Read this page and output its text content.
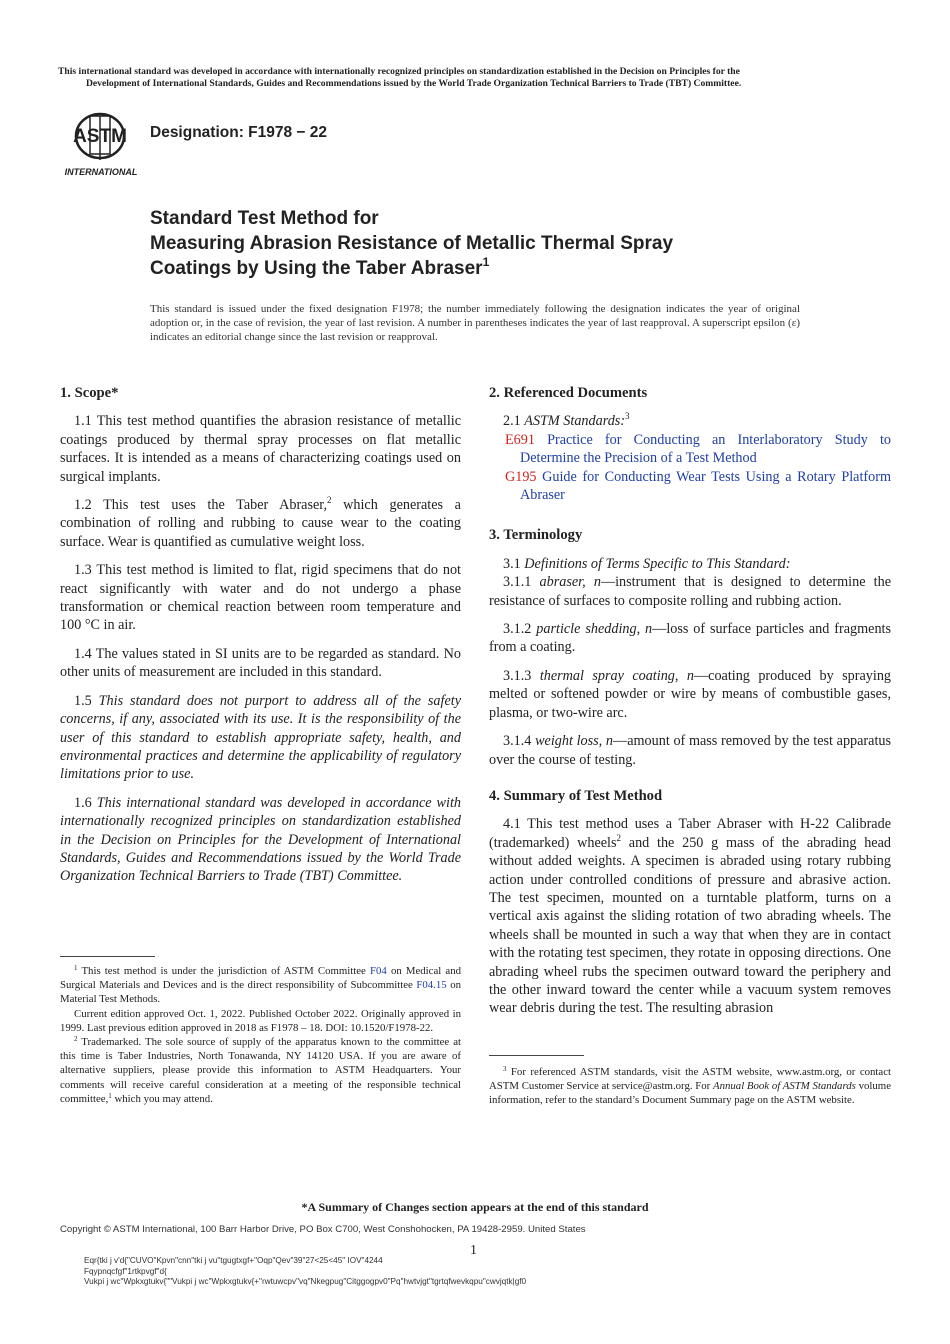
This international standard was developed in accordance with internationally recognized principles on standardization established in the Decision on Principles for the
Development of International Standards, Guides and Recommendations issued by the World Trade Organization Technical Barriers to Trade (TBT) Committee.
ASTM
INTERNATIONAL
Designation: F1978 − 22
Standard Test Method for
Measuring Abrasion Resistance of Metallic Thermal Spray
Coatings by Using the Taber Abraser$^1$
This standard is issued under the fixed designation F1978; the number immediately following the designation indicates the year of original adoption or, in the case of revision, the year of last revision. A number in parentheses indicates the year of last reapproval. A superscript epsilon (ε) indicates an editorial change since the last revision or reapproval.
1. Scope*

1.1 This test method quantifies the abrasion resistance of metallic coatings produced by thermal spray processes on flat metallic surfaces. It is intended as a means of characterizing coatings used on surgical implants.

1.2 This test uses the Taber Abraser,$^2$ which generates a combination of rolling and rubbing to cause wear to the coating surface. Wear is quantified as cumulative weight loss.

1.3 This test method is limited to flat, rigid specimens that do not react significantly with water and do not undergo a phase transformation or chemical reaction between room temperature and 100 °C in air.

1.4 The values stated in SI units are to be regarded as standard. No other units of measurement are included in this standard.

1.5 This standard does not purport to address all of the safety concerns, if any, associated with its use. It is the responsibility of the user of this standard to establish appropriate safety, health, and environmental practices and determine the applicability of regulatory limitations prior to use.

1.6 This international standard was developed in accordance with internationally recognized principles on standardization established in the Decision on Principles for the Development of International Standards, Guides and Recommendations issued by the World Trade Organization Technical Barriers to Trade (TBT) Committee.

$^1$ This test method is under the jurisdiction of ASTM Committee F04 on Medical and Surgical Materials and Devices and is the direct responsibility of Subcommittee F04.15 on Material Test Methods.

Current edition approved Oct. 1, 2022. Published October 2022. Originally approved in 1999. Last previous edition approved in 2018 as F1978 – 18. DOI: 10.1520/F1978-22.

$^2$ Trademarked. The sole source of supply of the apparatus known to the committee at this time is Taber Industries, North Tonawanda, NY 14120 USA. If you are aware of alternative suppliers, please provide this information to ASTM Headquarters. Your comments will receive careful consideration at a meeting of the responsible technical committee,$^1$ which you may attend.

2. Referenced Documents
2.1 ASTM Standards:$^3$
E691 Practice for Conducting an Interlaboratory Study to Determine the Precision of a Test Method
G195 Guide for Conducting Wear Tests Using a Rotary Platform Abraser
3. Terminology
3.1 Definitions of Terms Specific to This Standard:

3.1.1 abraser, n—instrument that is designed to determine the resistance of surfaces to composite rolling and rubbing action.

3.1.2 particle shedding, n—loss of surface particles and fragments from a coating.

3.1.3 thermal spray coating, n—coating produced by spraying melted or softened powder or wire by means of combustible gases, plasma, or two-wire arc.

3.1.4 weight loss, n—amount of mass removed by the test apparatus over the course of testing.

4. Summary of Test Method

4.1 This test method uses a Taber Abraser with H-22 Calibrade (trademarked) wheels$^2$ and the 250 g mass of the abrading head without added weights. A specimen is abraded using rotary rubbing action under controlled conditions of pressure and abrasive action. The test specimen, mounted on a turntable platform, turns on a vertical axis against the sliding rotation of two abrading wheels. The wheels shall be mounted in such a way that when they are in contact with the rotating test specimen, they rotate in opposing directions. One abrading wheel rubs the specimen outward toward the periphery and the other inward toward the center while a vacuum system removes wear debris during the test. The resulting abrasion

$^3$ For referenced ASTM standards, visit the ASTM website, www.astm.org, or contact ASTM Customer Service at service@astm.org. For Annual Book of ASTM Standards volume information, refer to the standard’s Document Summary page on the ASTM website.

*A Summary of Changes section appears at the end of this standard
Copyright © ASTM International, 100 Barr Harbor Drive, PO Box C700, West Conshohocken, PA 19428-2959. United States
1
Eqr{tki j v'd{"CUVO"Kpvn"cnn"tki j vu"tgugtxgf+"Oqp"Qev"39"27<25<45" IOV"4244
Fqypnqcfgf"1rtkpvgf"d{
Vukpi j wc"Wpkxgtukv{""Vukpi j wc"Wpkxgtukv{+"rwtuwcpv"vq"Nkegpug"Citggogpv0"Pq"hwtvjgt"tgrtqfwevkqpu"cwvjqtk|gf0
